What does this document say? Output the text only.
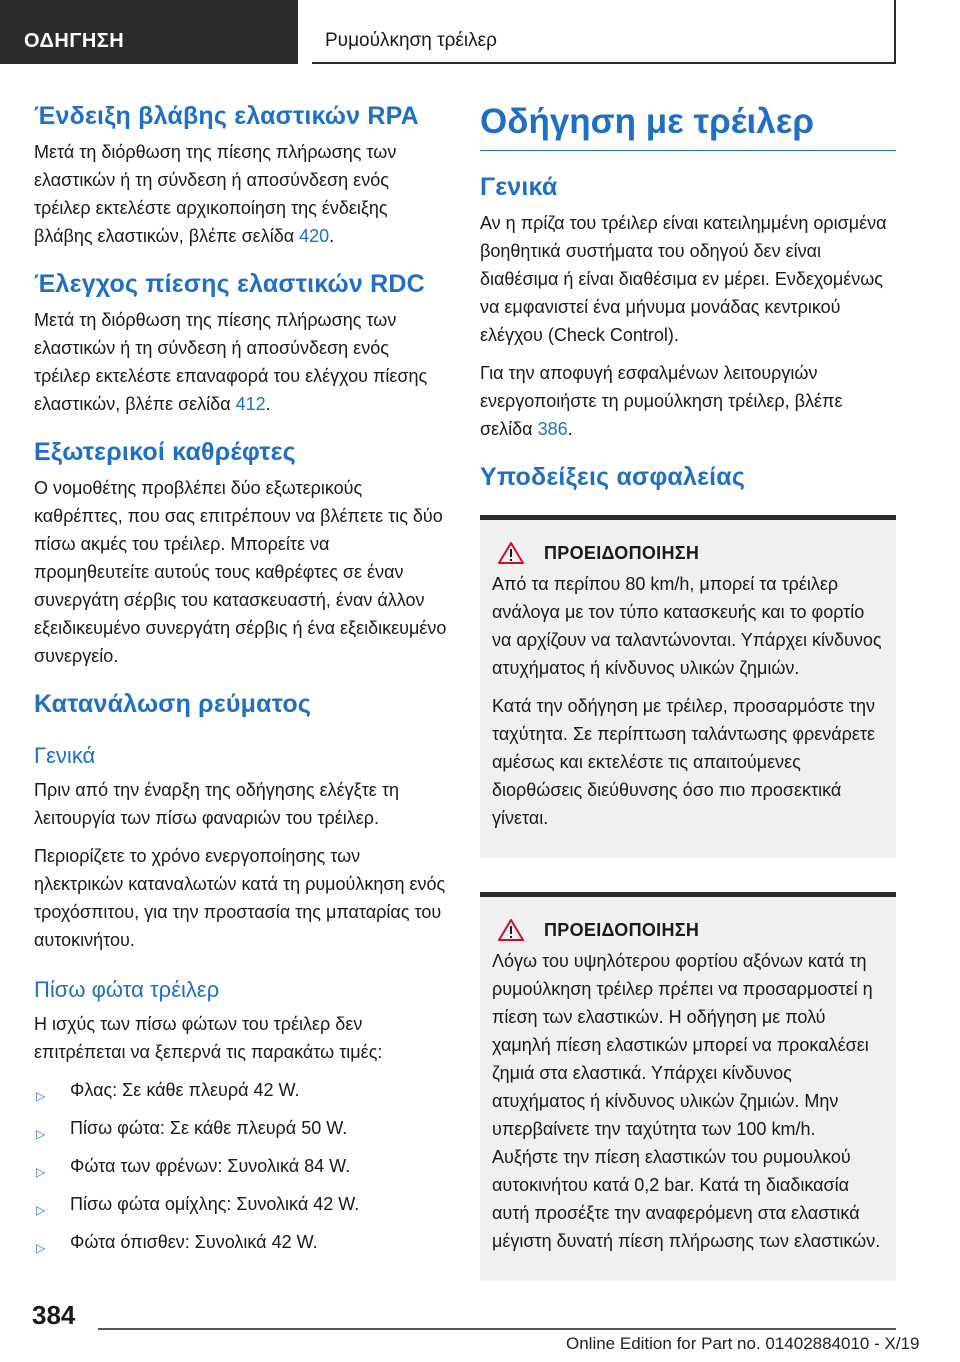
ΟΔΗΓΗΣΗ	Ρυμούλκηση τρέιλερ
Ένδειξη βλάβης ελαστικών RPA

Μετά τη διόρθωση της πίεσης πλήρωσης των ελαστικών ή τη σύνδεση ή αποσύνδεση ενός τρέιλερ εκτελέστε αρχικοποίηση της ένδειξης βλάβης ελαστικών, βλέπε σελίδα 420.

Έλεγχος πίεσης ελαστικών RDC

Μετά τη διόρθωση της πίεσης πλήρωσης των ελαστικών ή τη σύνδεση ή αποσύνδεση ενός τρέιλερ εκτελέστε επαναφορά του ελέγχου πίεσης ελαστικών, βλέπε σελίδα 412.

Εξωτερικοί καθρέφτες

Ο νομοθέτης προβλέπει δύο εξωτερικούς καθρέπτες, που σας επιτρέπουν να βλέπετε τις δύο πίσω ακμές του τρέιλερ. Μπορείτε να προμηθευτείτε αυτούς τους καθρέφτες σε έναν συνεργάτη σέρβις του κατασκευαστή, έναν άλλον εξειδικευμένο συνεργάτη σέρβις ή ένα εξειδικευμένο συνεργείο.

Κατανάλωση ρεύματος
Γενικά

Πριν από την έναρξη της οδήγησης ελέγξτε τη λειτουργία των πίσω φαναριών του τρέιλερ.

Περιορίζετε το χρόνο ενεργοποίησης των ηλεκτρικών καταναλωτών κατά τη ρυμούλκηση ενός τροχόσπιτου, για την προστασία της μπαταρίας του αυτοκινήτου.

Πίσω φώτα τρέιλερ

Η ισχύς των πίσω φώτων του τρέιλερ δεν επιτρέπεται να ξεπερνά τις παρακάτω τιμές:

▷ Φλας: Σε κάθε πλευρά 42 W.
▷ Πίσω φώτα: Σε κάθε πλευρά 50 W.
▷ Φώτα των φρένων: Συνολικά 84 W.
▷ Πίσω φώτα ομίχλης: Συνολικά 42 W.
▷ Φώτα όπισθεν: Συνολικά 42 W.
Οδήγηση με τρέιλερ
Γενικά

Αν η πρίζα του τρέιλερ είναι κατειλημμένη ορισμένα βοηθητικά συστήματα του οδηγού δεν είναι διαθέσιμα ή είναι διαθέσιμα εν μέρει. Ενδεχομένως να εμφανιστεί ένα μήνυμα μονάδας κεντρικού ελέγχου (Check Control).

Για την αποφυγή εσφαλμένων λειτουργιών ενεργοποιήστε τη ρυμούλκηση τρέιλερ, βλέπε σελίδα 386.

Υποδείξεις ασφαλείας
ΠΡΟΕΙΔΟΠΟΙΗΣΗ

Από τα περίπου 80 km/h, μπορεί τα τρέιλερ ανάλογα με τον τύπο κατασκευής και το φορτίο να αρχίζουν να ταλαντώνονται. Υπάρχει κίνδυνος ατυχήματος ή κίνδυνος υλικών ζημιών.

Κατά την οδήγηση με τρέιλερ, προσαρμόστε την ταχύτητα. Σε περίπτωση ταλάντωσης φρενάρετε αμέσως και εκτελέστε τις απαιτούμενες διορθώσεις διεύθυνσης όσο πιο προσεκτικά γίνεται.

ΠΡΟΕΙΔΟΠΟΙΗΣΗ

Λόγω του υψηλότερου φορτίου αξόνων κατά τη ρυμούλκηση τρέιλερ πρέπει να προσαρμοστεί η πίεση των ελαστικών. Η οδήγηση με πολύ χαμηλή πίεση ελαστικών μπορεί να προκαλέσει ζημιά στα ελαστικά. Υπάρχει κίνδυνος ατυχήματος ή κίνδυνος υλικών ζημιών. Μην υπερβαίνετε την ταχύτητα των 100 km/h. Αυξήστε την πίεση ελαστικών του ρυμουλκού αυτοκινήτου κατά 0,2 bar. Κατά τη διαδικασία αυτή προσέξτε την αναφερόμενη στα ελαστικά μέγιστη δυνατή πίεση πλήρωσης των ελαστικών.

384
Online Edition for Part no. 01402884010 - X/19
